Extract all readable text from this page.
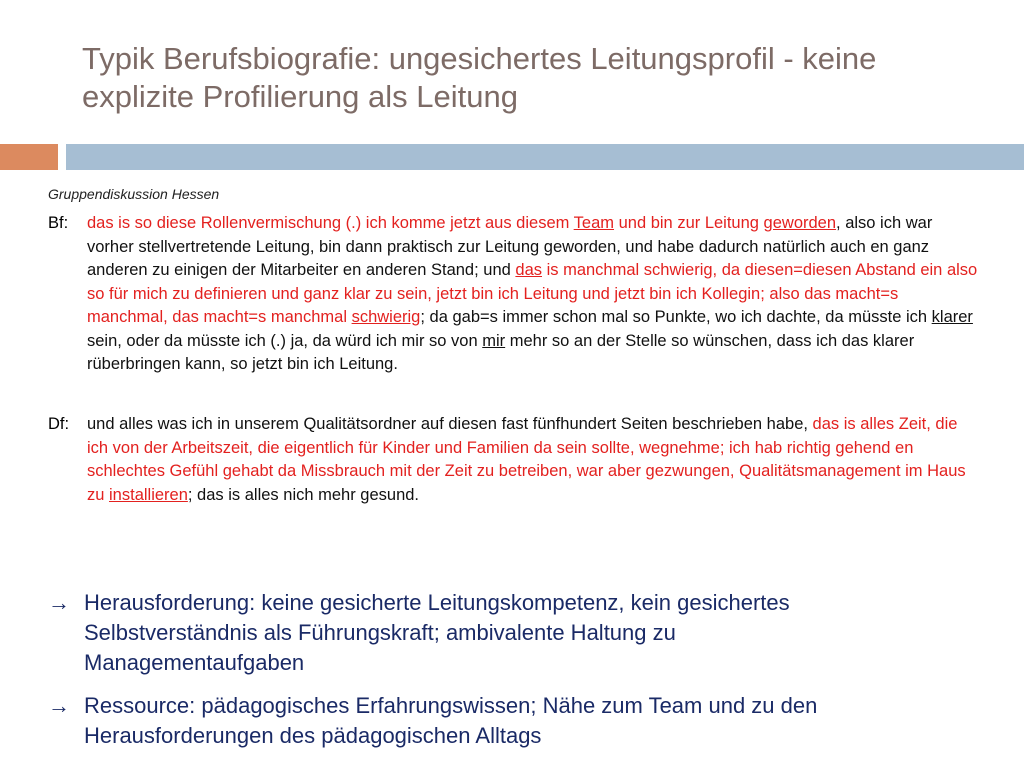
Typik Berufsbiografie: ungesichertes Leitungsprofil - keine
explizite Profilierung als Leitung
Gruppendiskussion Hessen
Bf: das is so diese Rollenvermischung (.) ich komme jetzt aus diesem Team und bin zur Leitung geworden, also ich war vorher stellvertretende Leitung, bin dann praktisch zur Leitung geworden, und habe dadurch natürlich auch en ganz anderen zu einigen der Mitarbeiter en anderen Stand; und das is manchmal schwierig, da diesen=diesen Abstand ein also so für mich zu definieren und ganz klar zu sein, jetzt bin ich Leitung und jetzt bin ich Kollegin; also das macht=s manchmal, das macht=s manchmal schwierig; da gab=s immer schon mal so Punkte, wo ich dachte, da müsste ich klarer sein, oder da müsste ich (.) ja, da würd ich mir so von mir mehr so an der Stelle so wünschen, dass ich das klarer rüberbringen kann, so jetzt bin ich Leitung.
Df: und alles was ich in unserem Qualitätsordner auf diesen fast fünfhundert Seiten beschrieben habe, das is alles Zeit, die ich von der Arbeitszeit, die eigentlich für Kinder und Familien da sein sollte, wegnehme; ich hab richtig gehend en schlechtes Gefühl gehabt da Missbrauch mit der Zeit zu betreiben, war aber gezwungen, Qualitätsmanagement im Haus zu installieren; das is alles nich mehr gesund.
→ Herausforderung: keine gesicherte Leitungskompetenz, kein gesichertes
Selbstverständnis als Führungskraft; ambivalente Haltung zu
Managementaufgaben
→ Ressource: pädagogisches Erfahrungswissen; Nähe zum Team und zu den
Herausforderungen des pädagogischen Alltags
